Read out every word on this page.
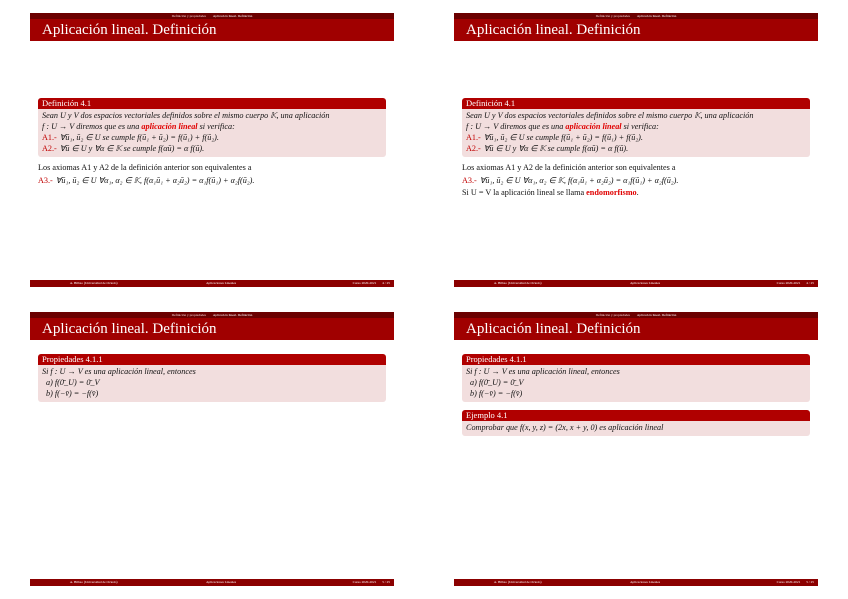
Definición y propiedades Aplicación lineal. Definición
Aplicación lineal. Definición
Definición 4.1
Sean U y V dos espacios vectoriales definidos sobre el mismo cuerpo 𝕂, una aplicación
f : U → V diremos que es una aplicación lineal si verifica:
A1.- ∀ū₁, ū₂ ∈ U se cumple f(ū₁ + ū₂) = f(ū₁) + f(ū₂).
A2.- ∀ū ∈ U y ∀α ∈ 𝕂 se cumple f(αū) = α f(ū).
Los axiomas A1 y A2 de la definición anterior son equivalentes a
A3.- ∀ū₁, ū₂ ∈ U ∀α₁, α₂ ∈ 𝕂, f(α₁ū₁ + α₂ū₂) = α₁f(ū₁) + α₂f(ū₂).
A. Bilbao (Universidad de Oviedo)	Aplicaciones Lineales	Curso 2020-2021 4 / 25
Definición y propiedades Aplicación lineal. Definición
Aplicación lineal. Definición
Definición 4.1
Sean U y V dos espacios vectoriales definidos sobre el mismo cuerpo 𝕂, una aplicación
f : U → V diremos que es una aplicación lineal si verifica:
A1.- ∀ū₁, ū₂ ∈ U se cumple f(ū₁ + ū₂) = f(ū₁) + f(ū₂).
A2.- ∀ū ∈ U y ∀α ∈ 𝕂 se cumple f(αū) = α f(ū).
Los axiomas A1 y A2 de la definición anterior son equivalentes a
A3.- ∀ū₁, ū₂ ∈ U ∀α₁, α₂ ∈ 𝕂, f(α₁ū₁ + α₂ū₂) = α₁f(ū₁) + α₂f(ū₂).
Si U = V la aplicación lineal se llama endomorfismo.
A. Bilbao (Universidad de Oviedo)	Aplicaciones Lineales	Curso 2020-2021 4 / 25
Definición y propiedades Aplicación lineal. Definición
Aplicación lineal. Definición
Propiedades 4.1.1
Si f : U → V es una aplicación lineal, entonces
a) f(0̄_U) = 0̄_V
b) f(−v̄) = −f(v̄)
A. Bilbao (Universidad de Oviedo)	Aplicaciones Lineales	Curso 2020-2021 5 / 25
Definición y propiedades Aplicación lineal. Definición
Aplicación lineal. Definición
Propiedades 4.1.1
Si f : U → V es una aplicación lineal, entonces
a) f(0̄_U) = 0̄_V
b) f(−v̄) = −f(v̄)
Ejemplo 4.1
Comprobar que f(x, y, z) = (2x, x + y, 0) es aplicación lineal
A. Bilbao (Universidad de Oviedo)	Aplicaciones Lineales	Curso 2020-2021 5 / 25
